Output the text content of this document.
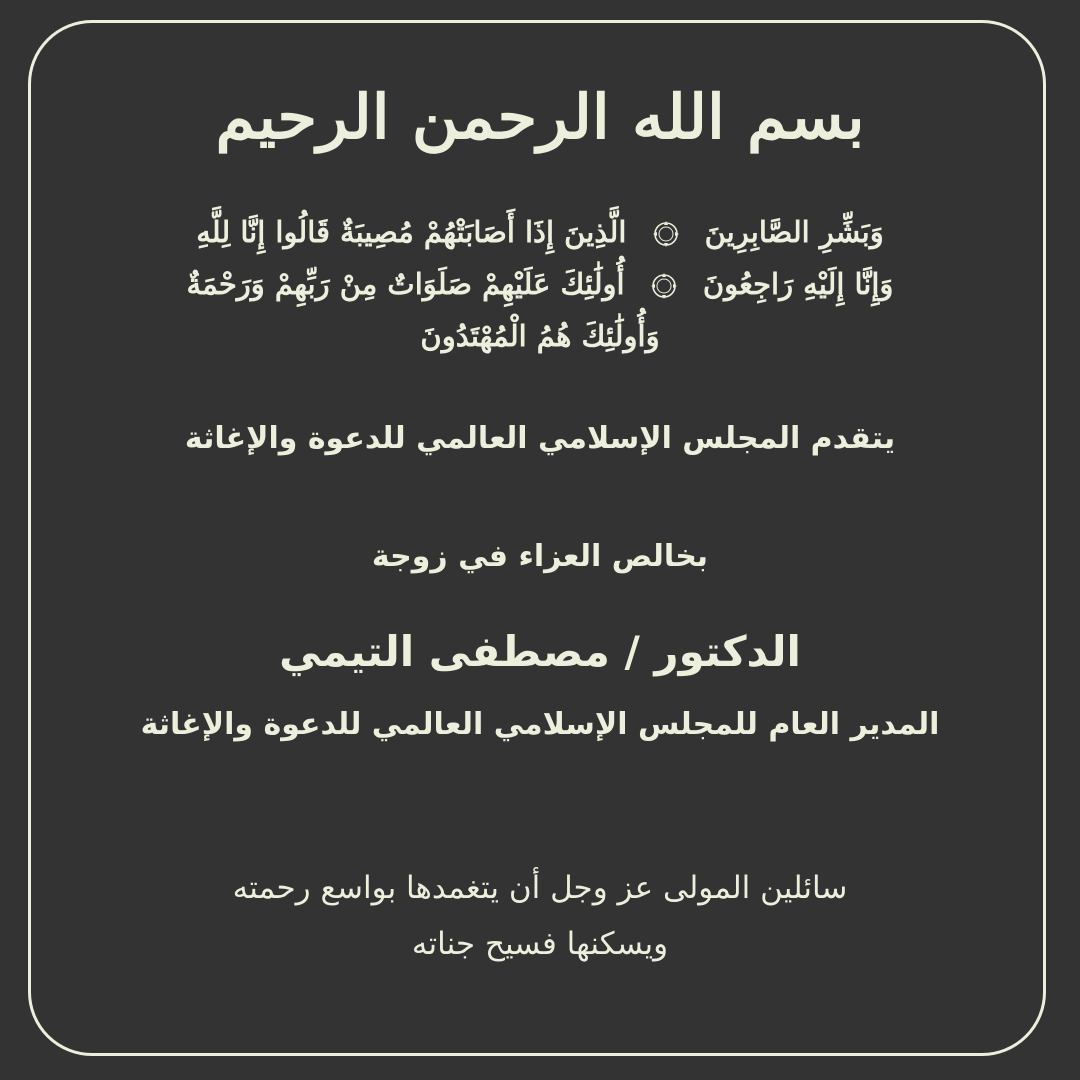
بسم الله الرحمن الرحيم
وَبَشِّرِ الصَّابِرِينَ  الَّذِينَ إِذَا أَصَابَتْهُمْ مُصِيبَةٌ قَالُوا إِنَّا لِلَّهِ
وَإِنَّا إِلَيْهِ رَاجِعُونَ  أُولَٰئِكَ عَلَيْهِمْ صَلَوَاتٌ مِنْ رَبِّهِمْ وَرَحْمَةٌ
وَأُولَٰئِكَ هُمُ الْمُهْتَدُونَ
يتقدم المجلس الإسلامي العالمي للدعوة والإغاثة
بخالص العزاء في زوجة
الدكتور / مصطفى التيمي
المدير العام للمجلس الإسلامي العالمي للدعوة والإغاثة
سائلين المولى عز وجل أن يتغمدها بواسع رحمته
ويسكنها فسيح جناته
